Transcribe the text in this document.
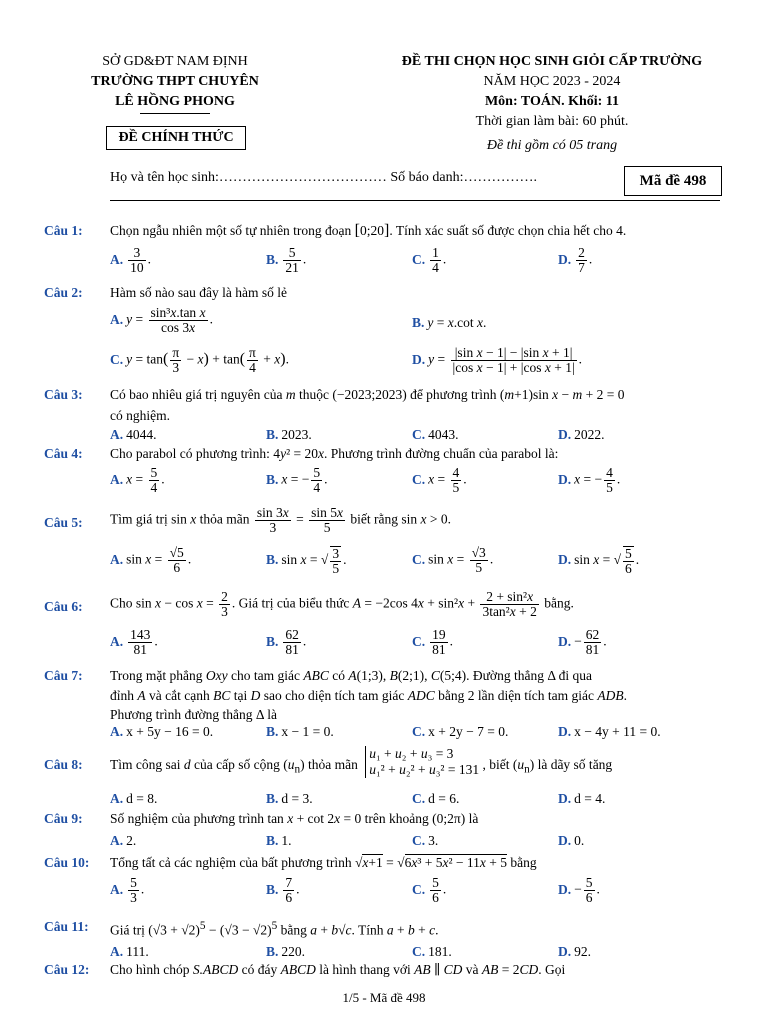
SỞ GD&ĐT NAM ĐỊNH
TRƯỜNG THPT CHUYÊN
LÊ HỒNG PHONG
ĐỀ CHÍNH THỨC
ĐỀ THI CHỌN HỌC SINH GIỎI CẤP TRƯỜNG
NĂM HỌC 2023 - 2024
Môn: TOÁN. Khối: 11
Thời gian làm bài: 60 phút.
Đề thi gồm có 05 trang
Họ và tên học sinh:……………………………… Số báo danh:…………….	Mã đề 498
Câu 1: Chọn ngẫu nhiên một số tự nhiên trong đoạn [0;20]. Tính xác suất số được chọn chia hết cho 4.
A. $\frac{3}{10}$ .	B. $\frac{5}{21}$ .	C. $\frac{1}{4}$ .	D. $\frac{2}{7}$ .
Câu 2: Hàm số nào sau đây là hàm số lẻ
A. $y = \frac{\text{sin³x.tan x}}{\cos 3x}$ .	B. y = x.cot x.
C. $y = \tan( \frac{\pi}{3} - x) + \tan( \frac{\pi}{4} + x)$.	D. $y = \frac{\text{|sin x − 1| − |sin x + 1|}}{\text{|cos x − 1| + |cos x + 1|}}$ .
Câu 3: Có bao nhiêu giá trị nguyên của m thuộc (−2023;2023) để phương trình (m+1)sin x − m + 2 = 0
có nghiệm.
A. 4044.	B. 2023.	C. 4043.	D. 2022.
Câu 4: Cho parabol có phương trình: 4y² = 20x. Phương trình đường chuẩn của parabol là:
A. $x = \frac{5}{4}$ .	B. x = − $\frac{5}{4}$ .	C. $x = \frac{4}{5}$ .	D. x = − $\frac{4}{5}$ .
Câu 5: Tìm giá trị sin x thỏa mãn $\frac{\sin 3x}{3} = \frac{\sin 5x}{5}$ biết rằng sin x > 0.
A. $\sin x = \frac{√5}{6}$ .	B. sin x = √ $\frac{3}{5}$ .	C. $\sin x = \frac{√3}{5}$ .	D. sin x = √ $\frac{5}{6}$ .
Câu 6: Cho $\sin x - \cos x = \frac{2}{3}$ . Giá trị của biểu thức A = −2cos $4x + \sin^2x + \frac{\text{2 + sin²x}}{\text{3tan²x + 2}}$ bằng.
A. $\frac{143}{81}$ .	B. $\frac{62}{81}$ .	C. $\frac{19}{81}$ .	D. − $\frac{62}{81}$ .
Câu 7: Trong mặt phẳng Oxy cho tam giác ABC có A(1;3), B(2;1), C(5;4). Đường thẳng Δ đi qua
đỉnh A và cắt cạnh BC tại D sao cho diện tích tam giác ADC bằng 2 lần diện tích tam giác ADB.
Phương trình đường thẳng Δ là
A. x + 5y − 16 = 0.	B. x − 1 = 0.	C. x + 2y − 7 = 0.	D. x − 4y + 11 = 0.
Câu 8: Tìm công sai d của cấp số cộng $(u_n)$ thỏa mãn u₁ + u₂ + u₃ = 3
u₁² + u₂² + u₃² = 131 , biết $(u_n)$ là dãy số tăng
A. d = 8.	B. d = 3.	C. d = 6.	D. d = 4.
Câu 9: Số nghiệm của phương trình tan x + cot 2x = 0 trên khoảng (0;2π) là
A. 2.	B. 1.	C. 3.	D. 0.
Câu 10: Tổng tất cả các nghiệm của bất phương trình √x+1 = √6x³ + 5x² − 11x + 5 bằng
A. $\frac{5}{3}$ .	B. $\frac{7}{6}$ .	C. $\frac{5}{6}$ .	D. − $\frac{5}{6}$ .
Câu 11: Giá trị $(√3 + √2)^5 - (√3 - √2)^5$ bằng a + b√c. Tính a + b + c.
A. 111.	B. 220.	C. 181.	D. 92.
Câu 12: Cho hình chóp S.ABCD có đáy ABCD là hình thang với AB ∥ CD và AB = 2CD. Gọi
1/5 - Mã đề 498
